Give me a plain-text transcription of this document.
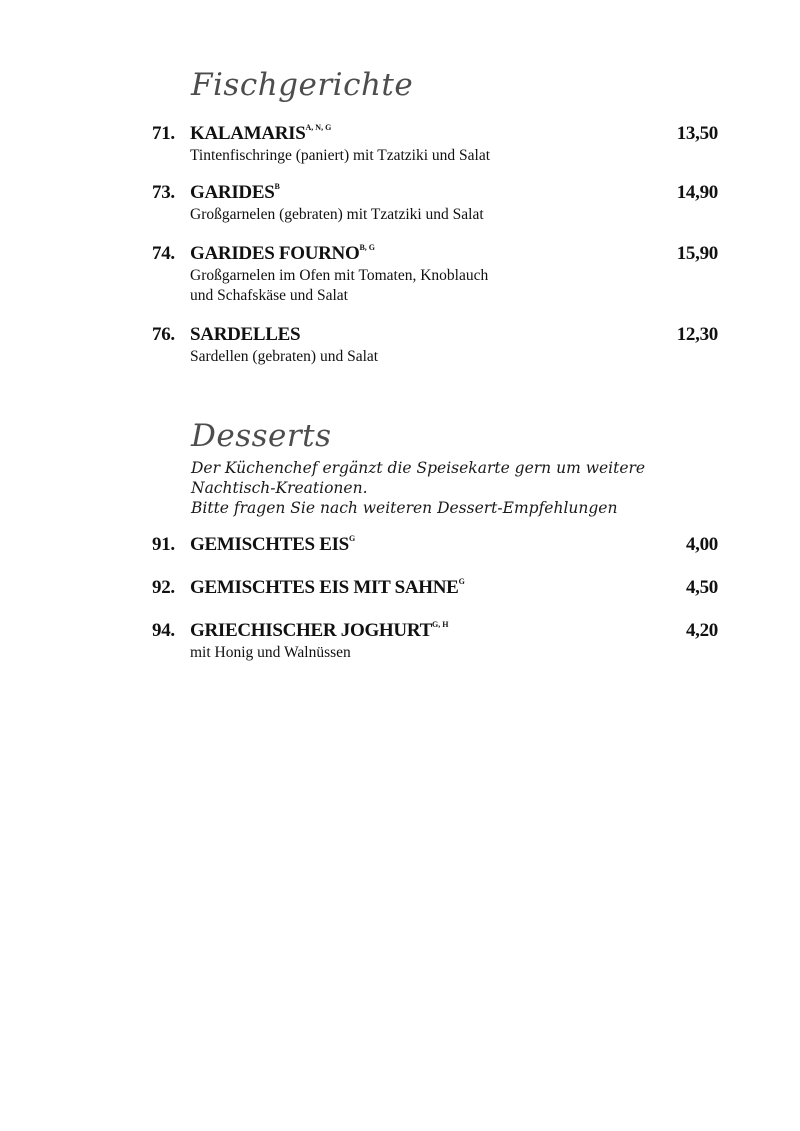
Fischgerichte
71. $KALAMARIS^{A, N, G}$	13,50
Tintenfischringe (paniert) mit Tzatziki und Salat
73. $GARIDES^B$	14,90
Großgarnelen (gebraten) mit Tzatziki und Salat
74. GARIDES $FOURNO^{B, G}$	15,90
Großgarnelen im Ofen mit Tomaten, Knoblauch
und Schafskäse und Salat
76. SARDELLES	12,30
Sardellen (gebraten) und Salat
Desserts
Der Küchenchef ergänzt die Speisekarte gern um weitere
Nachtisch-Kreationen.
Bitte fragen Sie nach weiteren Dessert-Empfehlungen
91. GEMISCHTES $EIS^G$	4,00
92. GEMISCHTES EIS MIT $SAHNE^G$	4,50
94. GRIECHISCHER $JOGHURT^{G, H}$	4,20
mit Honig und Walnüssen
